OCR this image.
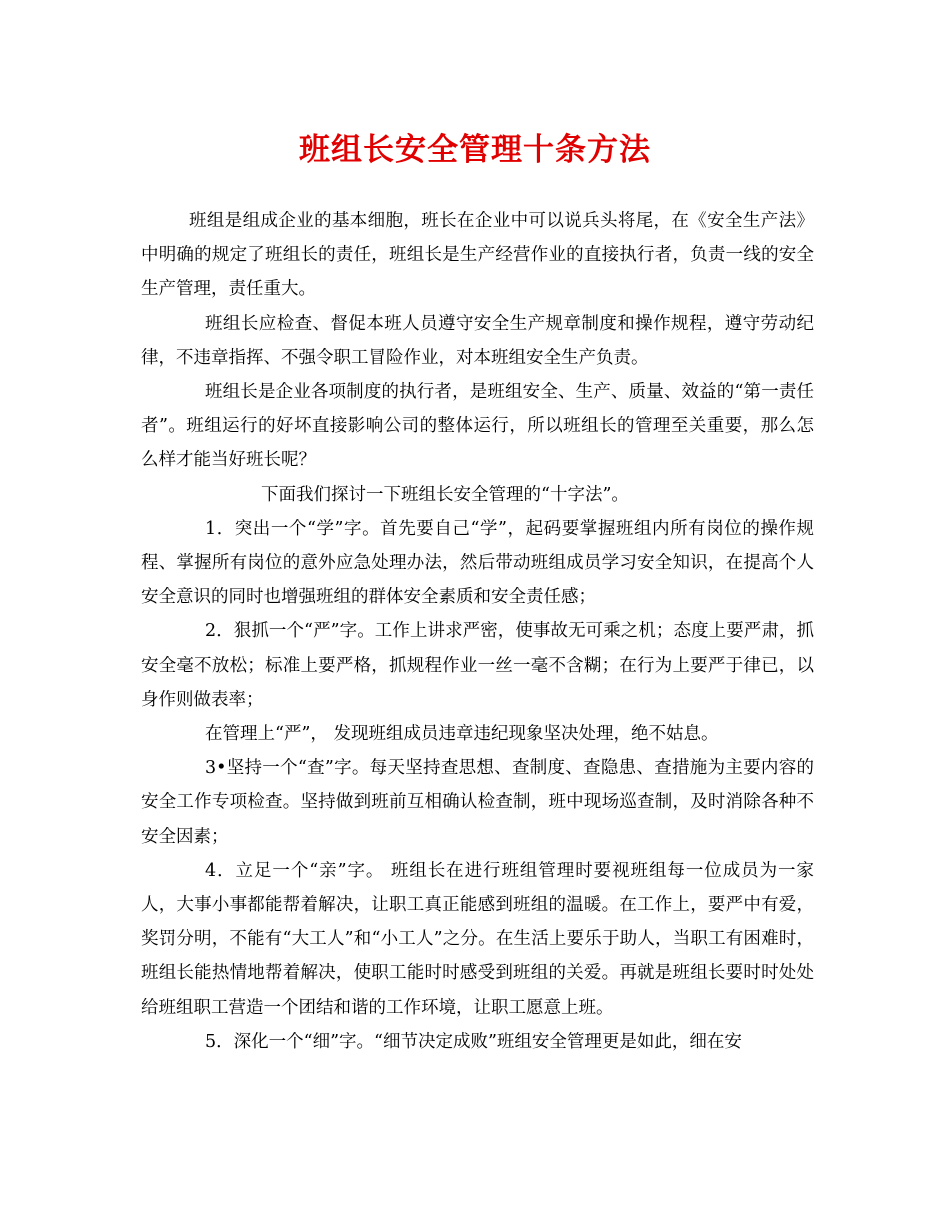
班组长安全管理十条方法

班组是组成企业的基本细胞，班长在企业中可以说兵头将尾，在《安全生产法》中明确的规定了班组长的责任，班组长是生产经营作业的直接执行者，负责一线的安全生产管理，责任重大。

班组长应检查、督促本班人员遵守安全生产规章制度和操作规程，遵守劳动纪律，不违章指挥、不强令职工冒险作业，对本班组安全生产负责。

班组长是企业各项制度的执行者，是班组安全、生产、质量、效益的“第一责任者”。班组运行的好坏直接影响公司的整体运行，所以班组长的管理至关重要，那么怎么样才能当好班长呢？

下面我们探讨一下班组长安全管理的“十字法”。

1．突出一个“学”字。首先要自己“学”，起码要掌握班组内所有岗位的操作规程、掌握所有岗位的意外应急处理办法，然后带动班组成员学习安全知识，在提高个人安全意识的同时也增强班组的群体安全素质和安全责任感；

2．狠抓一个“严”字。工作上讲求严密，使事故无可乘之机；态度上要严肃，抓安全毫不放松；标准上要严格，抓规程作业一丝一毫不含糊；在行为上要严于律已，以身作则做表率；

在管理上“严”， 发现班组成员违章违纪现象坚决处理，绝不姑息。

3•坚持一个“查”字。每天坚持查思想、查制度、查隐患、查措施为主要内容的安全工作专项检查。坚持做到班前互相确认检查制，班中现场巡查制，及时消除各种不安全因素；

4．立足一个“亲”字。 班组长在进行班组管理时要视班组每一位成员为一家人，大事小事都能帮着解决，让职工真正能感到班组的温暖。在工作上，要严中有爱，奖罚分明，不能有“大工人”和“小工人”之分。在生活上要乐于助人，当职工有困难时，班组长能热情地帮着解决，使职工能时时感受到班组的关爱。再就是班组长要时时处处给班组职工营造一个团结和谐的工作环境，让职工愿意上班。

5．深化一个“细”字。“细节决定成败”班组安全管理更是如此，细在安
